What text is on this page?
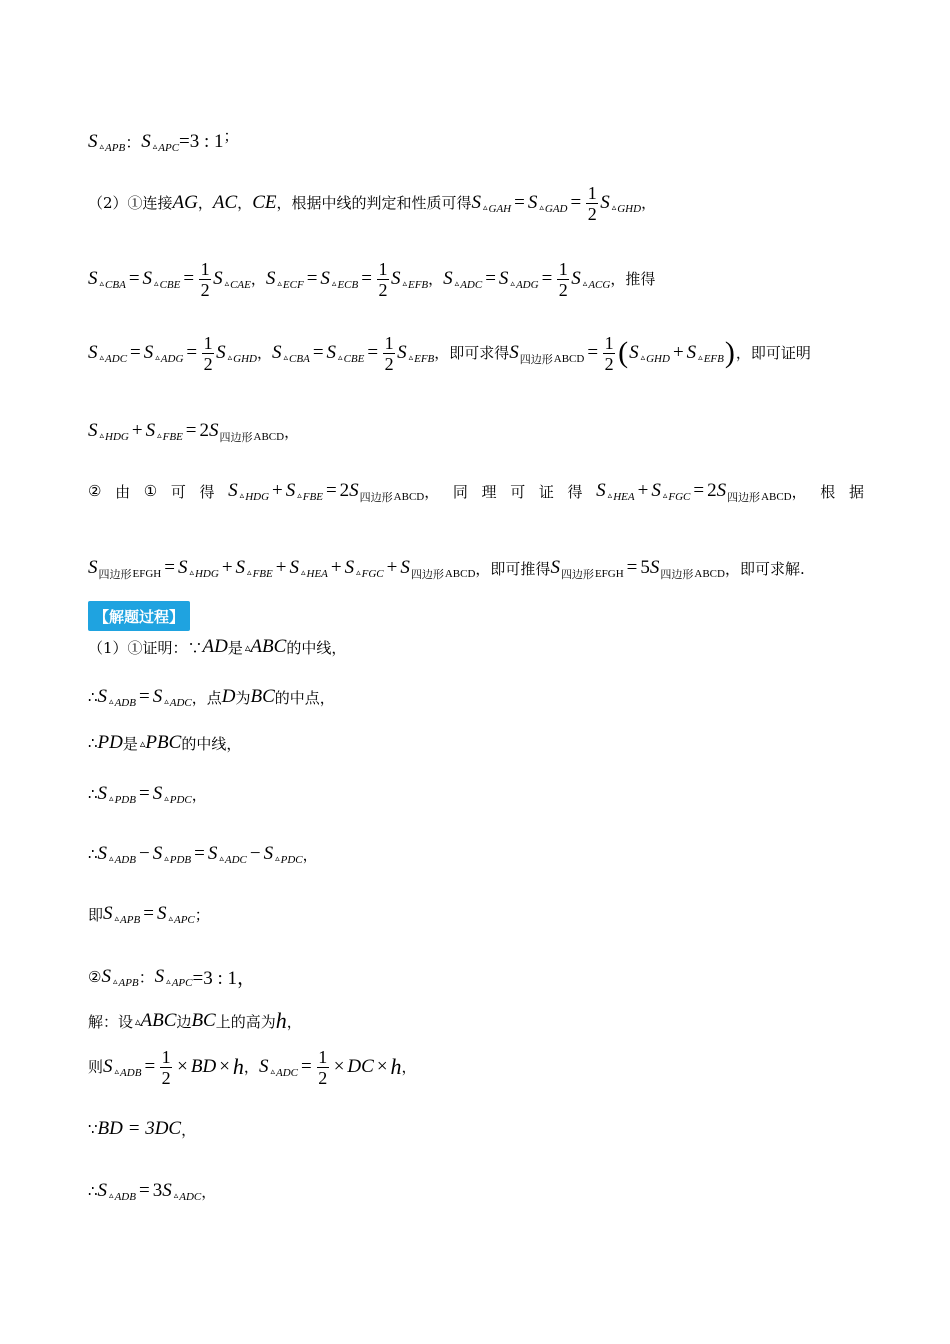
S ▵ APB ： S ▵ APC =3 : 1 ；
（2）①连接 AG ， AC ， CE ，根据中线的判定和性质可得 S ▵ GAH = S ▵ GAD = $\frac{1}{2}$ S ▵ GHD ，
S ▵ CBA = S ▵ CBE = $\frac{1}{2}$ S ▵ CAE ， S ▵ ECF = S ▵ ECB = $\frac{1}{2}$ S ▵ EFB ， S ▵ ADC = S ▵ ADG = $\frac{1}{2}$ S ▵ ACG ，推得
S ▵ ADC = S ▵ ADG = $\frac{1}{2}$ S ▵ GHD ， S ▵ CBA = S ▵ CBE = $\frac{1}{2}$ S ▵ EFB ，即可求得 S 四边形 ABCD = $\frac{1}{2}$ ( S ▵ GHD + S ▵ EFB ) ，即可证明
S ▵ HDG + S ▵ FBE = 2 S 四边形 ABCD ，
② 由 ① 可 得 S ▵ HDG + S ▵ FBE = 2 S 四边形 ABCD ， 同 理 可 证 得 S ▵ HEA + S ▵ FGC = 2 S 四边形 ABCD ， 根 据
S 四边形 EFGH = S ▵ HDG + S ▵ FBE + S ▵ HEA + S ▵ FGC + S 四边形 ABCD ，即可推得 S 四边形 EFGH = 5 S 四边形 ABCD ，即可求解.
【解题过程】
（1）①证明：∵ AD 是 ▵ ABC 的中线，
∴ S ▵ ADB = S ▵ ADC ，点 D 为 BC 的中点，
∴ PD 是 ▵ PBC 的中线，
∴ S ▵ PDB = S ▵ PDC ，
∴ S ▵ ADB − S ▵ PDB = S ▵ ADC − S ▵ PDC ，
即 S ▵ APB = S ▵ APC ；
② S ▵ APB ： S ▵ APC =3 : 1，
解：设 ▵ ABC 边 BC 上的高为 h ，
则 S ▵ ADB = $\frac{1}{2}$ × BD × h ， S ▵ ADC = $\frac{1}{2}$ × DC × h ，
∵ BD = 3DC ，
∴ S ▵ ADB = 3 S ▵ ADC ，
